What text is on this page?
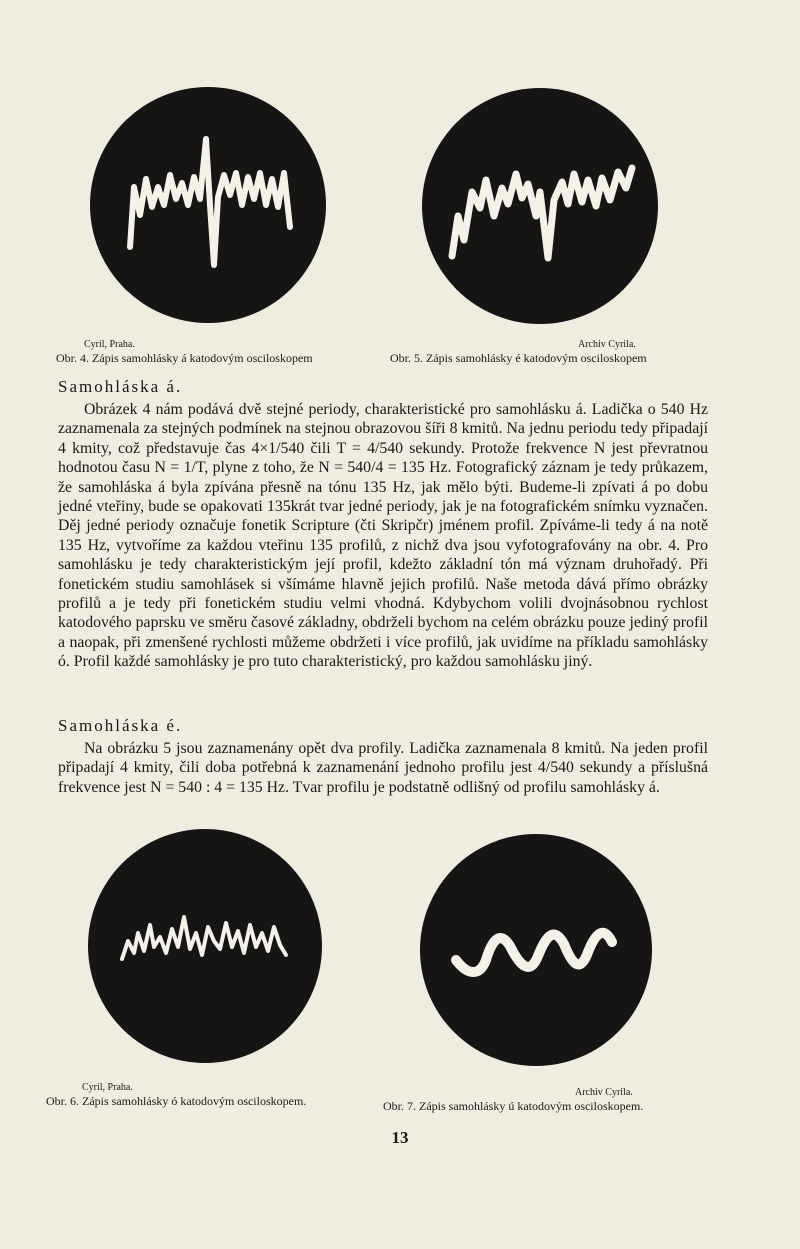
Cyril, Praha.
Obr. 4. Zápis samohlásky á katodovým osciloskopem
Archiv Cyrila.
Obr. 5. Zápis samohlásky é katodovým osciloskopem
Samohláska á.

Obrázek 4 nám podává dvě stejné periody, charakteristické pro samohlásku á. Ladička o 540 Hz zaznamenala za stejných podmínek na stejnou obrazovou šíři 8 kmitů. Na jednu periodu tedy připadají 4 kmity, což představuje čas 4×1/540 čili T = 4/540 sekundy. Protože frekvence N jest převratnou hodnotou času N = 1/T, plyne z toho, že N = 540/4 = 135 Hz. Fotografický záznam je tedy průkazem, že samohláska á byla zpívána přesně na tónu 135 Hz, jak mělo býti. Budeme-li zpívati á po dobu jedné vteřiny, bude se opakovati 135krát tvar jedné periody, jak je na fotografickém snímku vyznačen. Děj jedné periody označuje fonetik Scripture (čti Skripčr) jménem profil. Zpíváme-li tedy á na notě 135 Hz, vytvoříme za každou vteřinu 135 profilů, z nichž dva jsou vyfotografovány na obr. 4. Pro samohlásku je tedy charakteristickým její profil, kdežto základní tón má význam druhořadý. Při fonetickém studiu samohlásek si všímáme hlavně jejich profilů. Naše metoda dává přímo obrázky profilů a je tedy při fonetickém studiu velmi vhodná. Kdybychom volili dvojnásobnou rychlost katodového paprsku ve směru časové základny, obdrželi bychom na celém obrázku pouze jediný profil a naopak, při zmenšené rychlosti můžeme obdržeti i více profilů, jak uvidíme na příkladu samohlásky ó. Profil každé samohlásky je pro tuto charakteristický, pro každou samohlásku jiný.

Samohláska é.

Na obrázku 5 jsou zaznamenány opět dva profily. Ladička zaznamenala 8 kmitů. Na jeden profil připadají 4 kmity, čili doba potřebná k zaznamenání jednoho profilu jest 4/540 sekundy a příslušná frekvence jest N = 540 : 4 = 135 Hz. Tvar profilu je podstatně odlišný od profilu samohlásky á.

Cyril, Praha.
Obr. 6. Zápis samohlásky ó katodovým osciloskopem.
Archiv Cyrila.
Obr. 7. Zápis samohlásky ú katodovým osciloskopem.
13
